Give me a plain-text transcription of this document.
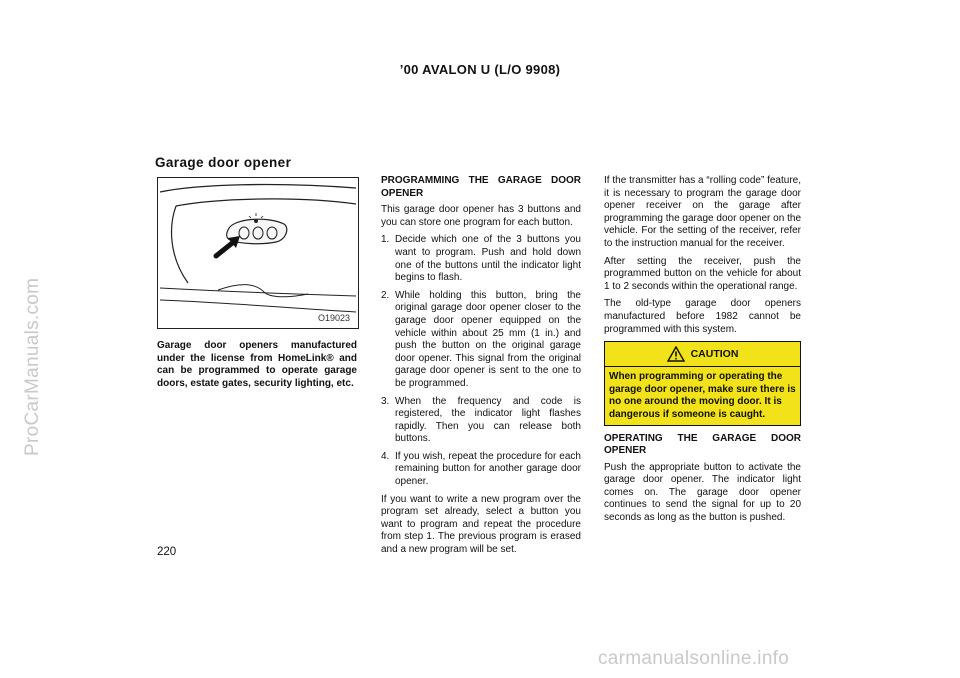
’00 AVALON U (L/O 9908)
ProCarManuals.com
Garage door opener
O19023

Garage door openers manufactured under the license from HomeLink® and can be programmed to operate garage doors, estate gates, security lighting, etc.

PROGRAMMING THE GARAGE DOOR OPENER

This garage door opener has 3 buttons and you can store one program for each button.

1. Decide which one of the 3 buttons you want to program. Push and hold down one of the buttons until the indicator light begins to flash.
2. While holding this button, bring the original garage door opener closer to the garage door opener equipped on the vehicle within about 25 mm (1 in.) and push the button on the original garage door opener. This signal from the original garage door opener is sent to the one to be programmed.
3. When the frequency and code is registered, the indicator light flashes rapidly. Then you can release both buttons.
4. If you wish, repeat the procedure for each remaining button for another garage door opener.

If you want to write a new program over the program set already, select a button you want to program and repeat the procedure from step 1. The previous program is erased and a new program will be set.

If the transmitter has a “rolling code” feature, it is necessary to program the garage door opener receiver on the garage after programming the garage door opener on the vehicle. For the setting of the receiver, refer to the instruction manual for the receiver.

After setting the receiver, push the programmed button on the vehicle for about 1 to 2 seconds within the operational range.

The old-type garage door openers manufactured before 1982 cannot be programmed with this system.

CAUTION
When programming or operating the garage door opener, make sure there is no one around the moving door. It is dangerous if someone is caught.

OPERATING THE GARAGE DOOR OPENER

Push the appropriate button to activate the garage door opener. The indicator light comes on. The garage door opener continues to send the signal for up to 20 seconds as long as the button is pushed.

220
carmanualsonline.info
